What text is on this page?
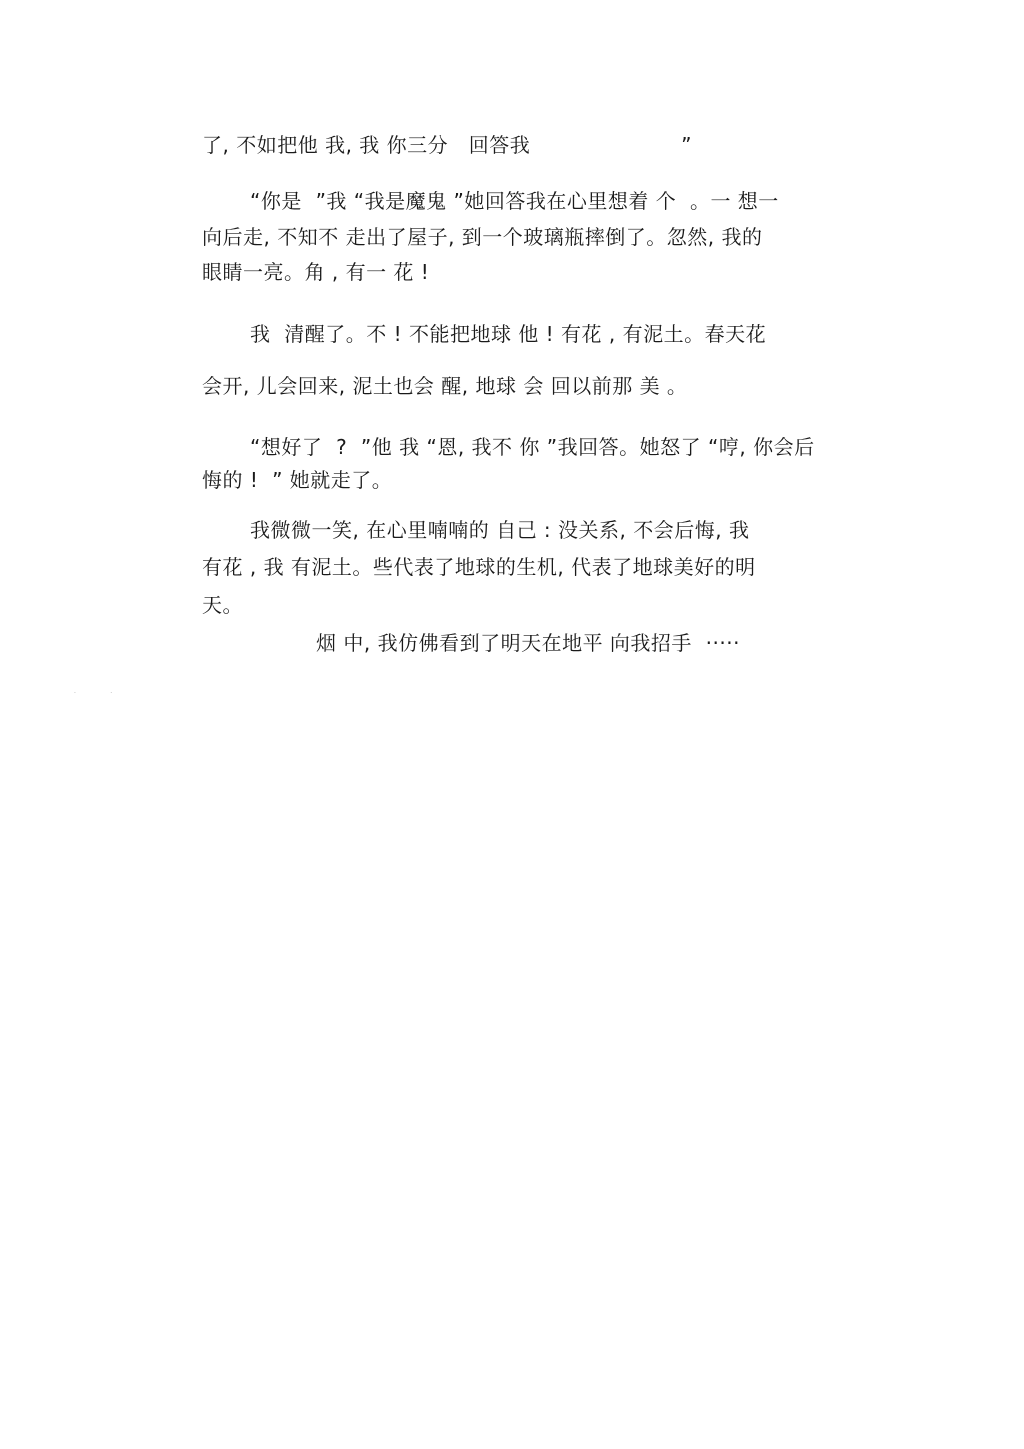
了, 不如把他 我, 我 你三分   回答我                      ”
“你是  ”我 “我是魔鬼 ”她回答我在心里想着 个  。一 想一
向后走, 不知不 走出了屋子, 到一个玻璃瓶摔倒了。忽然, 我的
眼睛一亮。角 , 有一 花 !
我  清醒了。不 ! 不能把地球 他 ! 有花 , 有泥土。春天花
会开, 儿会回来, 泥土也会 醒, 地球 会 回以前那 美 。
“想好了  ?  ”他 我 “恩, 我不 你 ”我回答。她怒了 “哼, 你会后
悔的 !  ” 她就走了。
我微微一笑, 在心里喃喃的 自己 : 没关系, 不会后悔, 我
有花 , 我 有泥土。些代表了地球的生机, 代表了地球美好的明
天。
烟 中, 我仿佛看到了明天在地平 向我招手  ·····
.                  .
